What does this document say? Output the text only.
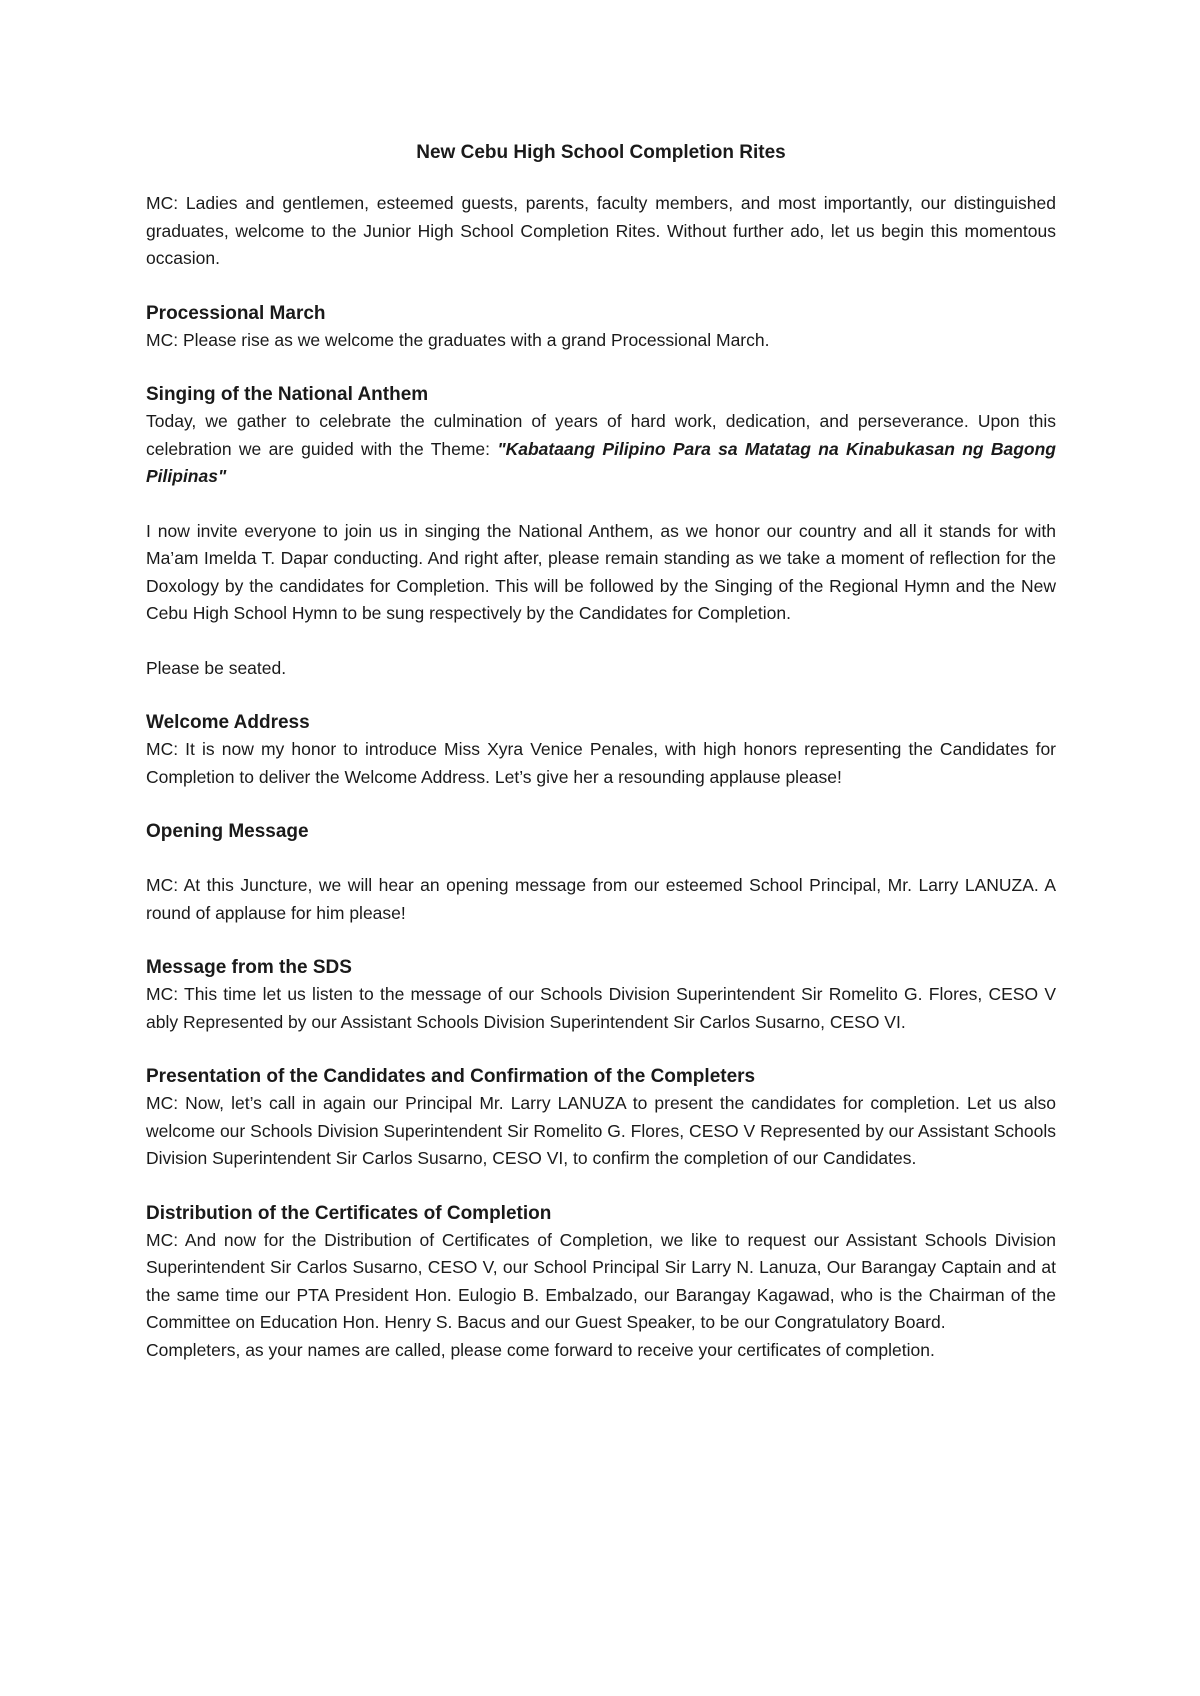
New Cebu High School Completion Rites

MC: Ladies and gentlemen, esteemed guests, parents, faculty members, and most importantly, our distinguished graduates, welcome to the Junior High School Completion Rites. Without further ado, let us begin this momentous occasion.

Processional March

MC: Please rise as we welcome the graduates with a grand Processional March.

Singing of the National Anthem

Today, we gather to celebrate the culmination of years of hard work, dedication, and perseverance. Upon this celebration we are guided with the Theme: "Kabataang Pilipino Para sa Matatag na Kinabukasan ng Bagong Pilipinas"

I now invite everyone to join us in singing the National Anthem, as we honor our country and all it stands for with Ma’am Imelda T. Dapar conducting. And right after, please remain standing as we take a moment of reflection for the Doxology by the candidates for Completion. This will be followed by the Singing of the Regional Hymn and the New Cebu High School Hymn to be sung respectively by the Candidates for Completion.

Please be seated.

Welcome Address

MC: It is now my honor to introduce Miss Xyra Venice Penales, with high honors representing the Candidates for Completion to deliver the Welcome Address. Let’s give her a resounding applause please!

Opening Message

MC: At this Juncture, we will hear an opening message from our esteemed School Principal, Mr. Larry LANUZA. A round of applause for him please!

Message from the SDS

MC: This time let us listen to the message of our Schools Division Superintendent Sir Romelito G. Flores, CESO V ably Represented by our Assistant Schools Division Superintendent Sir Carlos Susarno, CESO VI.

Presentation of the Candidates and Confirmation of the Completers

MC: Now, let’s call in again our Principal Mr. Larry LANUZA to present the candidates for completion. Let us also welcome our Schools Division Superintendent Sir Romelito G. Flores, CESO V Represented by our Assistant Schools Division Superintendent Sir Carlos Susarno, CESO VI, to confirm the completion of our Candidates.

Distribution of the Certificates of Completion

MC: And now for the Distribution of Certificates of Completion, we like to request our Assistant Schools Division Superintendent Sir Carlos Susarno, CESO V, our School Principal Sir Larry N. Lanuza, Our Barangay Captain and at the same time our PTA President Hon. Eulogio B. Embalzado, our Barangay Kagawad, who is the Chairman of the Committee on Education Hon. Henry S. Bacus and our Guest Speaker, to be our Congratulatory Board.

Completers, as your names are called, please come forward to receive your certificates of completion.
